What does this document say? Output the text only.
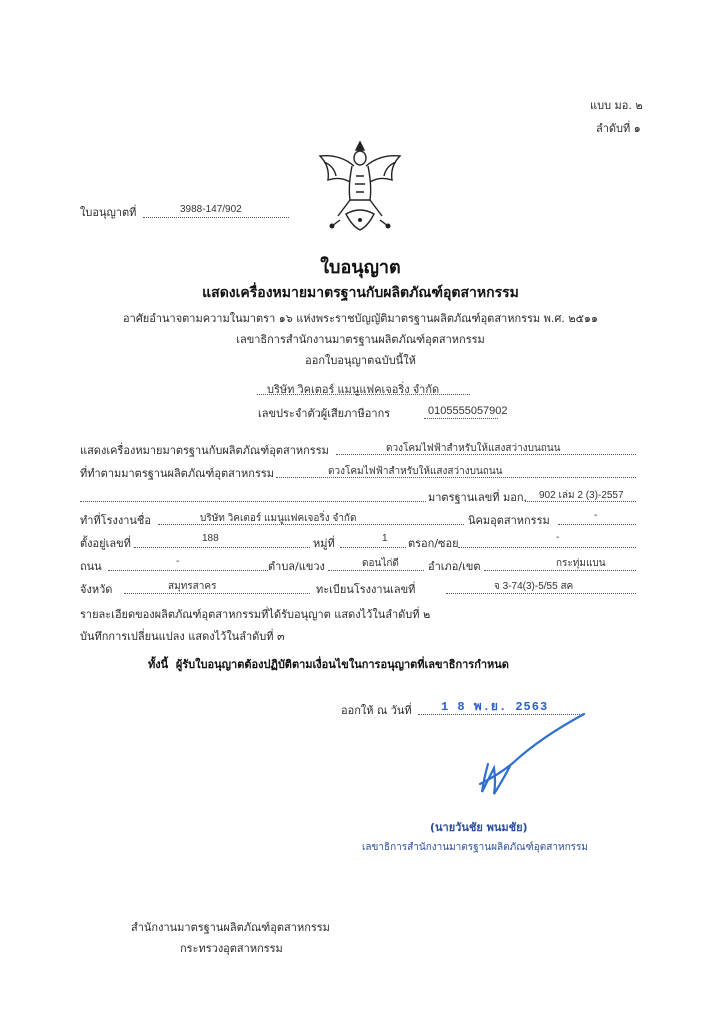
แบบ มอ. ๒
ลำดับที่ ๑
ใบอนุญาตที่	3988-147/902
ใบอนุญาต
แสดงเครื่องหมายมาตรฐานกับผลิตภัณฑ์อุตสาหกรรม
อาศัยอำนาจตามความในมาตรา ๑๖ แห่งพระราชบัญญัติมาตรฐานผลิตภัณฑ์อุตสาหกรรม พ.ศ. ๒๕๑๑
เลขาธิการสำนักงานมาตรฐานผลิตภัณฑ์อุตสาหกรรม
ออกใบอนุญาตฉบับนี้ให้
บริษัท วิคเตอร์ แมนูแฟคเจอริ่ง จำกัด
เลขประจำตัวผู้เสียภาษีอากร	0105555057902
แสดงเครื่องหมายมาตรฐานกับผลิตภัณฑ์อุตสาหกรรม	ดวงโคมไฟฟ้าสำหรับให้แสงสว่างบนถนน
ที่ทำตามมาตรฐานผลิตภัณฑ์อุตสาหกรรม	ดวงโคมไฟฟ้าสำหรับให้แสงสว่างบนถนน
มาตรฐานเลขที่ มอก. 902 เล่ม 2 (3)-2557
ทำที่โรงงานชื่อ	บริษัท วิคเตอร์ แมนูแฟคเจอริ่ง จำกัด	นิคมอุตสาหกรรม	-
ตั้งอยู่เลขที่	188	หมู่ที่	1 ตรอก/ซอย	-
ถนน	-	ตำบล/แขวง	ดอนไก่ดี	อำเภอ/เขต	กระทุ่มแบน
จังหวัด	สมุทรสาคร	ทะเบียนโรงงานเลขที่	จ 3-74(3)-5/55 สค
รายละเอียดของผลิตภัณฑ์อุตสาหกรรมที่ได้รับอนุญาต แสดงไว้ในลำดับที่ ๒
บันทึกการเปลี่ยนแปลง แสดงไว้ในลำดับที่ ๓
ทั้งนี้ ผู้รับใบอนุญาตต้องปฏิบัติตามเงื่อนไขในการอนุญาตที่เลขาธิการกำหนด
ออกให้ ณ วันที่ 1 8 พ.ย. 2563
(นายวันชัย พนมชัย)
เลขาธิการสำนักงานมาตรฐานผลิตภัณฑ์อุตสาหกรรม
สำนักงานมาตรฐานผลิตภัณฑ์อุตสาหกรรม
กระทรวงอุตสาหกรรม
